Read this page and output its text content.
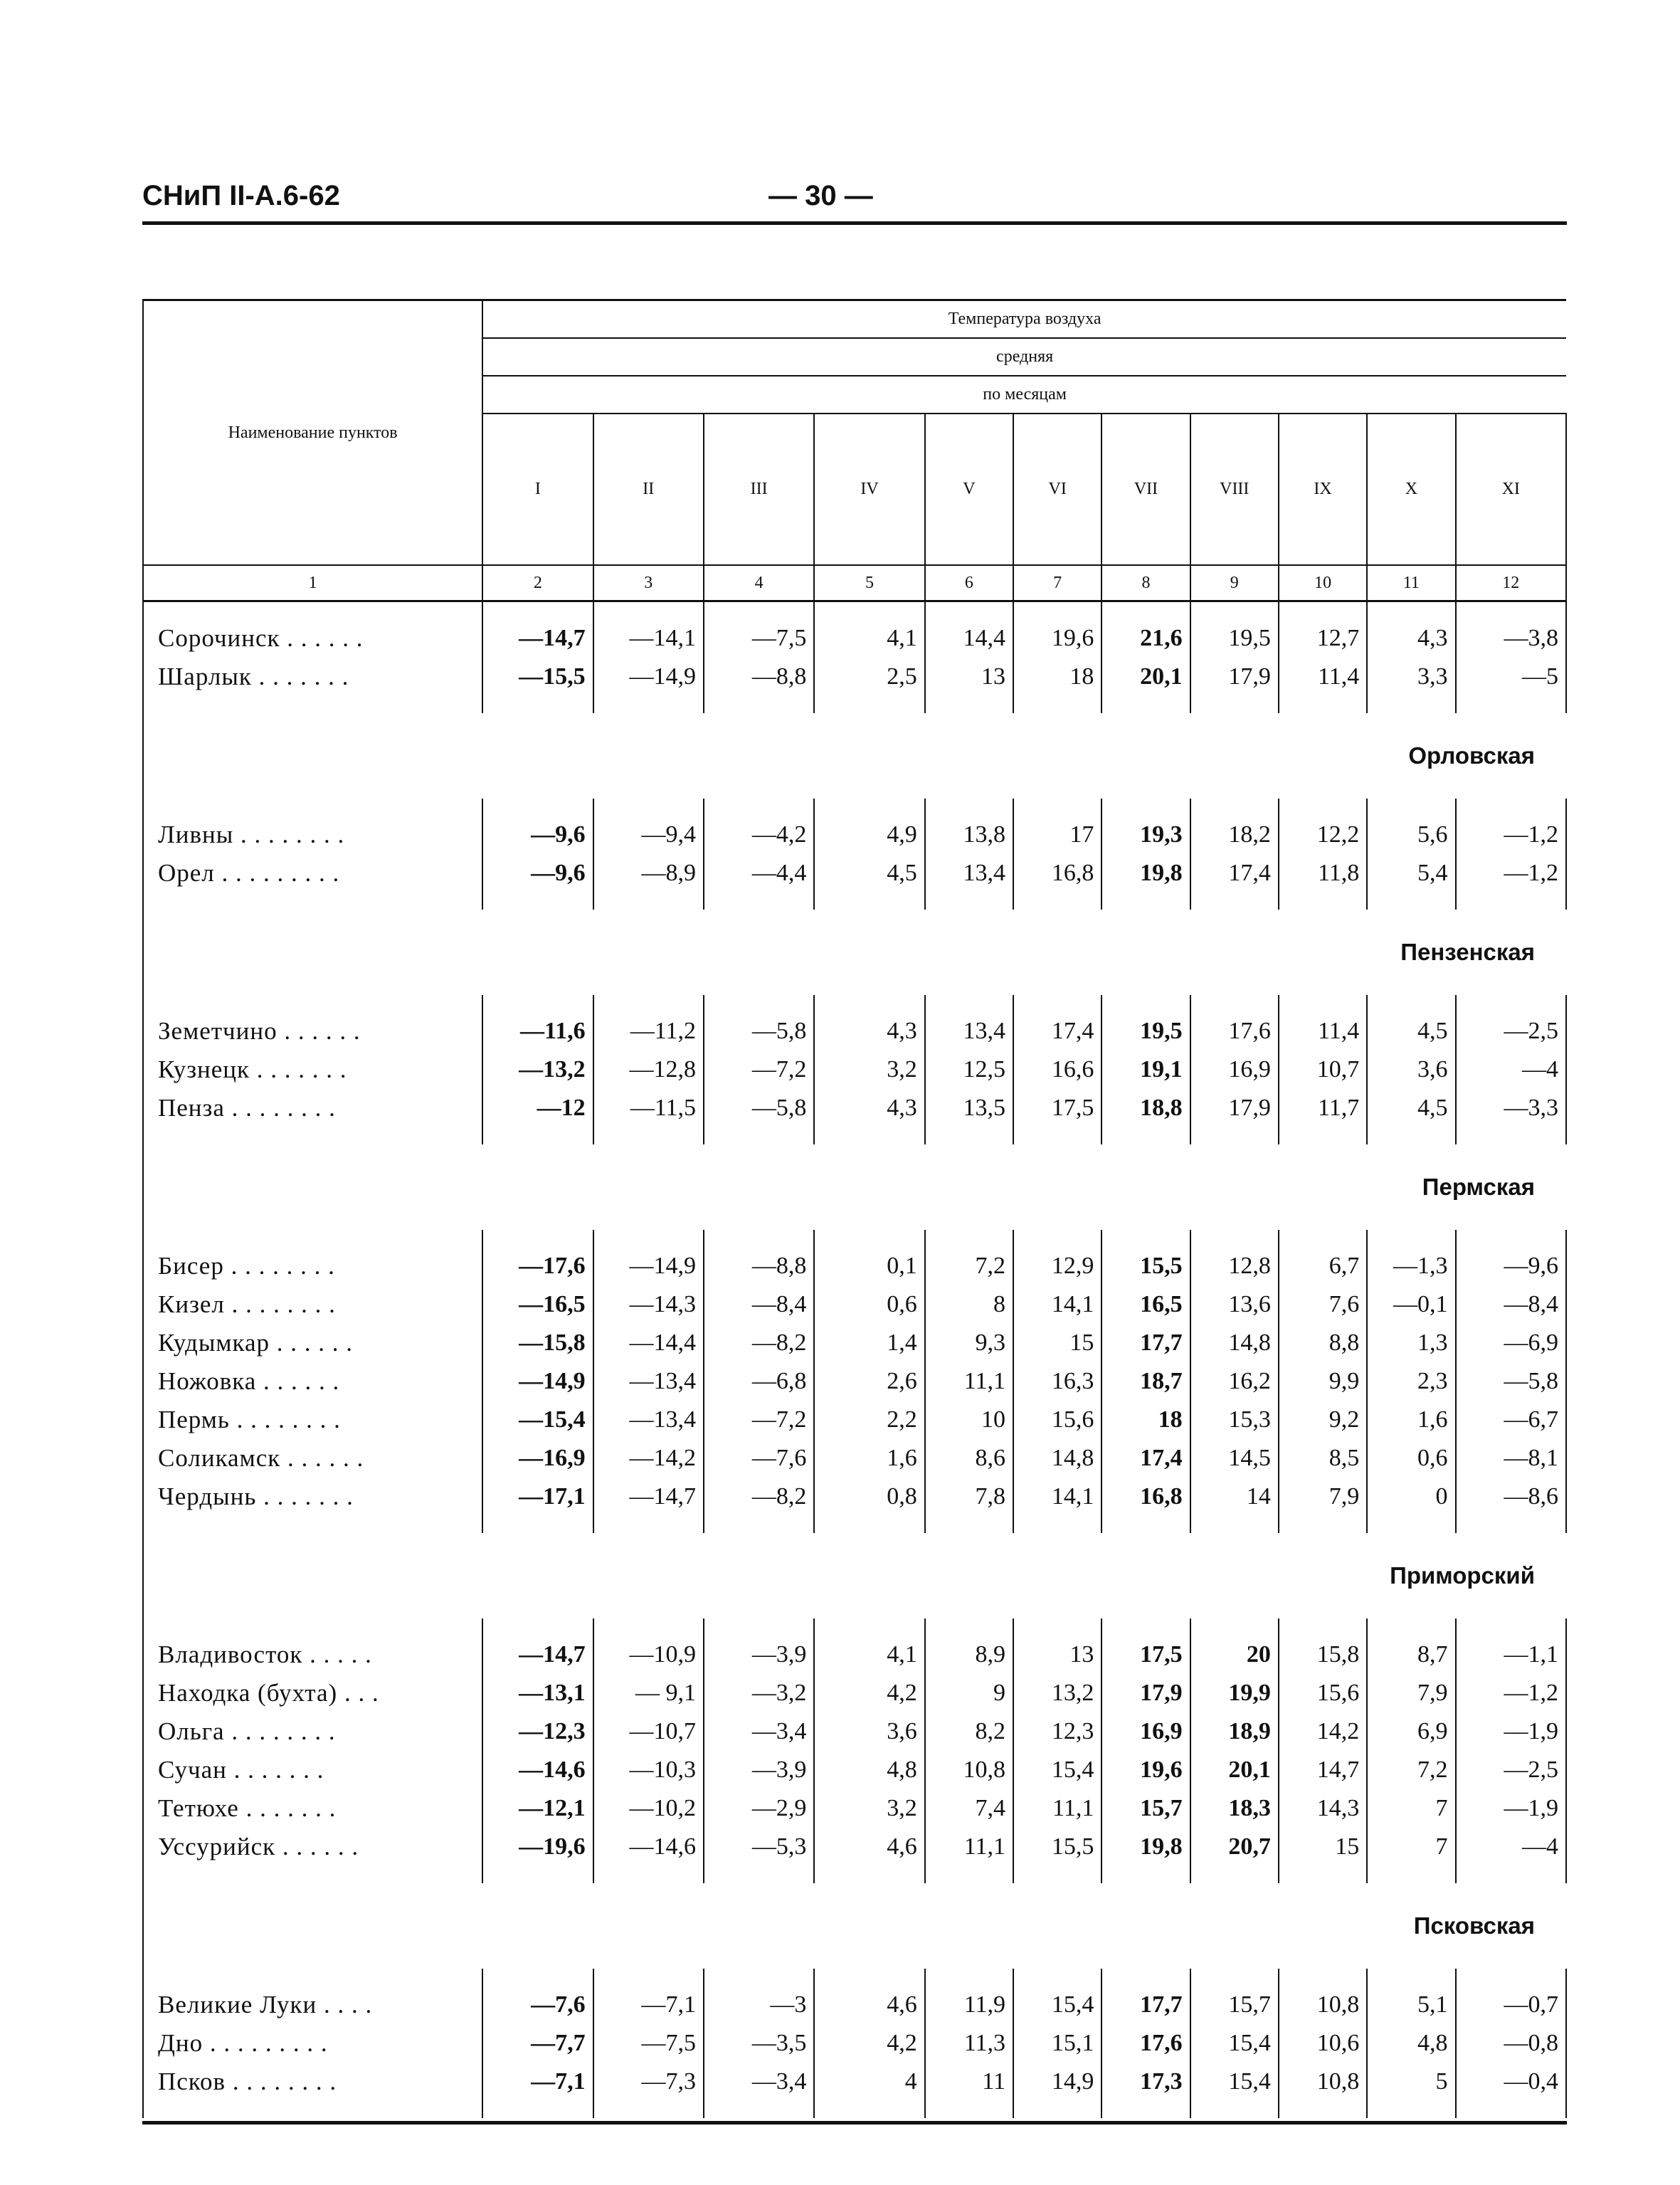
СНиП II-А.6-62	— 30 —
Наименование пунктов	Температура воздуха										
	средняя										
	по месяцам										
	I	II	III	IV	V	VI	VII	VIII	IX	X	XI
1	2	3	4	5	6	7	8	9	10	11	12

Сорочинск . . . . . .	—14,7	—14,1	—7,5	4,1	14,4	19,6	21,6	19,5	12,7	4,3	—3,8
Шарлык . . . . . . .	—15,5	—14,9	—8,8	2,5	13	18	20,1	17,9	11,4	3,3	—5

	Орловская										

Ливны . . . . . . . .	—9,6	—9,4	—4,2	4,9	13,8	17	19,3	18,2	12,2	5,6	—1,2
Орел . . . . . . . . .	—9,6	—8,9	—4,4	4,5	13,4	16,8	19,8	17,4	11,8	5,4	—1,2

	Пензенская										

Земетчино . . . . . .	—11,6	—11,2	—5,8	4,3	13,4	17,4	19,5	17,6	11,4	4,5	—2,5
Кузнецк . . . . . . .	—13,2	—12,8	—7,2	3,2	12,5	16,6	19,1	16,9	10,7	3,6	—4
Пенза . . . . . . . .	—12	—11,5	—5,8	4,3	13,5	17,5	18,8	17,9	11,7	4,5	—3,3

	Пермская										

Бисер . . . . . . . .	—17,6	—14,9	—8,8	0,1	7,2	12,9	15,5	12,8	6,7	—1,3	—9,6
Кизел . . . . . . . .	—16,5	—14,3	—8,4	0,6	8	14,1	16,5	13,6	7,6	—0,1	—8,4
Кудымкар . . . . . .	—15,8	—14,4	—8,2	1,4	9,3	15	17,7	14,8	8,8	1,3	—6,9
Ножовка . . . . . .	—14,9	—13,4	—6,8	2,6	11,1	16,3	18,7	16,2	9,9	2,3	—5,8
Пермь . . . . . . . .	—15,4	—13,4	—7,2	2,2	10	15,6	18	15,3	9,2	1,6	—6,7
Соликамск . . . . . .	—16,9	—14,2	—7,6	1,6	8,6	14,8	17,4	14,5	8,5	0,6	—8,1
Чердынь . . . . . . .	—17,1	—14,7	—8,2	0,8	7,8	14,1	16,8	14	7,9	0	—8,6

	Приморский										

Владивосток . . . . .	—14,7	—10,9	—3,9	4,1	8,9	13	17,5	20	15,8	8,7	—1,1
Находка (бухта) . . .	—13,1	— 9,1	—3,2	4,2	9	13,2	17,9	19,9	15,6	7,9	—1,2
Ольга . . . . . . . .	—12,3	—10,7	—3,4	3,6	8,2	12,3	16,9	18,9	14,2	6,9	—1,9
Сучан . . . . . . .	—14,6	—10,3	—3,9	4,8	10,8	15,4	19,6	20,1	14,7	7,2	—2,5
Тетюхе . . . . . . .	—12,1	—10,2	—2,9	3,2	7,4	11,1	15,7	18,3	14,3	7	—1,9
Уссурийск . . . . . .	—19,6	—14,6	—5,3	4,6	11,1	15,5	19,8	20,7	15	7	—4

	Псковская										

Великие Луки . . . .	—7,6	—7,1	—3	4,6	11,9	15,4	17,7	15,7	10,8	5,1	—0,7
Дно . . . . . . . . .	—7,7	—7,5	—3,5	4,2	11,3	15,1	17,6	15,4	10,6	4,8	—0,8
Псков . . . . . . . .	—7,1	—7,3	—3,4	4	11	14,9	17,3	15,4	10,8	5	—0,4
